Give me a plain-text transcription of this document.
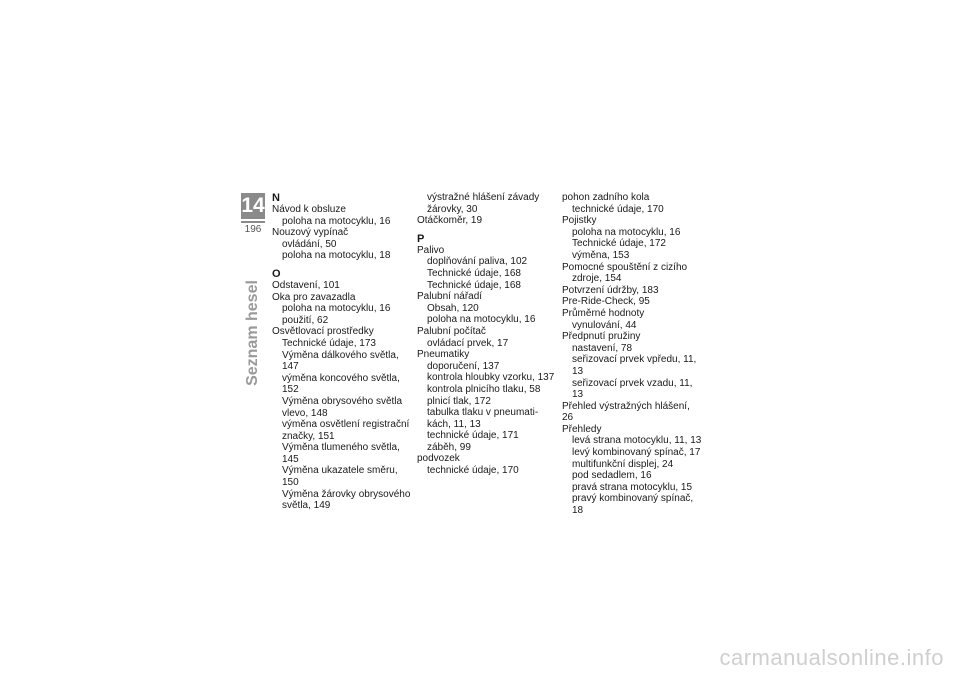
14
196
Seznam hesel
N
Návod k obsluze
poloha na motocyklu, 16
Nouzový vypínač
ovládání, 50
poloha na motocyklu, 18
O
Odstavení, 101
Oka pro zavazadla
poloha na motocyklu, 16
použití, 62
Osvětlovací prostředky
Technické údaje, 173
Výměna dálkového světla, 147
výměna koncového světla, 152
Výměna obrysového světla
vlevo, 148
výměna osvětlení registrační
značky, 151
Výměna tlumeného světla, 145
Výměna ukazatele směru, 150
Výměna žárovky obrysového
světla, 149
výstražné hlášení závady
žárovky, 30
Otáčkoměr, 19
P
Palivo
doplňování paliva, 102
Technické údaje, 168
Technické údaje, 168
Palubní nářadí
Obsah, 120
poloha na motocyklu, 16
Palubní počítač
ovládací prvek, 17
Pneumatiky
doporučení, 137
kontrola hloubky vzorku, 137
kontrola plnicího tlaku, 58
plnicí tlak, 172
tabulka tlaku v pneumati-
kách, 11, 13
technické údaje, 171
záběh, 99
podvozek
technické údaje, 170
pohon zadního kola
technické údaje, 170
Pojistky
poloha na motocyklu, 16
Technické údaje, 172
výměna, 153
Pomocné spouštění z cizího
zdroje, 154
Potvrzení údržby, 183
Pre-Ride-Check, 95
Průměrné hodnoty
vynulování, 44
Předpnutí pružiny
nastavení, 78
seřizovací prvek vpředu, 11, 13
seřizovací prvek vzadu, 11, 13
Přehled výstražných hlášení, 26
Přehledy
levá strana motocyklu, 11, 13
levý kombinovaný spínač, 17
multifunkční displej, 24
pod sedadlem, 16
pravá strana motocyklu, 15
pravý kombinovaný spínač, 18
carmanualsonline.info
